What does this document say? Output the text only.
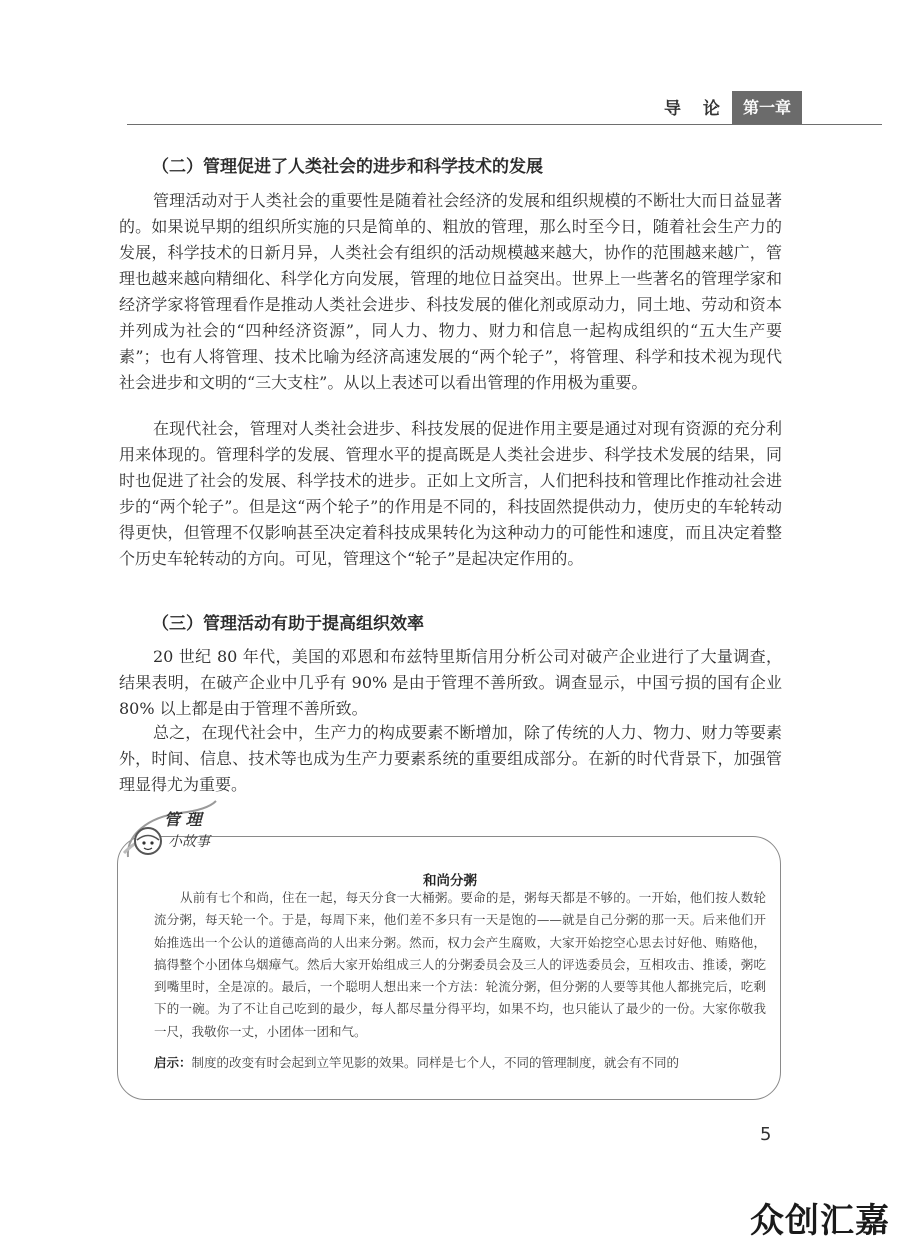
导 论 第一章
（二）管理促进了人类社会的进步和科学技术的发展

管理活动对于人类社会的重要性是随着社会经济的发展和组织规模的不断壮大而日益显著的。如果说早期的组织所实施的只是简单的、粗放的管理，那么时至今日，随着社会生产力的发展，科学技术的日新月异，人类社会有组织的活动规模越来越大，协作的范围越来越广，管理也越来越向精细化、科学化方向发展，管理的地位日益突出。世界上一些著名的管理学家和经济学家将管理看作是推动人类社会进步、科技发展的催化剂或原动力，同土地、劳动和资本并列成为社会的“四种经济资源”，同人力、物力、财力和信息一起构成组织的“五大生产要素”；也有人将管理、技术比喻为经济高速发展的“两个轮子”，将管理、科学和技术视为现代社会进步和文明的“三大支柱”。从以上表述可以看出管理的作用极为重要。

在现代社会，管理对人类社会进步、科技发展的促进作用主要是通过对现有资源的充分利用来体现的。管理科学的发展、管理水平的提高既是人类社会进步、科学技术发展的结果，同时也促进了社会的发展、科学技术的进步。正如上文所言，人们把科技和管理比作推动社会进步的“两个轮子”。但是这“两个轮子”的作用是不同的，科技固然提供动力，使历史的车轮转动得更快，但管理不仅影响甚至决定着科技成果转化为这种动力的可能性和速度，而且决定着整个历史车轮转动的方向。可见，管理这个“轮子”是起决定作用的。

（三）管理活动有助于提高组织效率

20 世纪 80 年代，美国的邓恩和布兹特里斯信用分析公司对破产企业进行了大量调查，结果表明，在破产企业中几乎有 90% 是由于管理不善所致。调查显示，中国亏损的国有企业 80% 以上都是由于管理不善所致。

总之，在现代社会中，生产力的构成要素不断增加，除了传统的人力、物力、财力等要素外，时间、信息、技术等也成为生产力要素系统的重要组成部分。在新的时代背景下，加强管理显得尤为重要。

管 理
小故事
和尚分粥

从前有七个和尚，住在一起，每天分食一大桶粥。要命的是，粥每天都是不够的。一开始，他们按人数轮流分粥，每天轮一个。于是，每周下来，他们差不多只有一天是饱的——就是自己分粥的那一天。后来他们开始推选出一个公认的道德高尚的人出来分粥。然而，权力会产生腐败，大家开始挖空心思去讨好他、贿赂他，搞得整个小团体乌烟瘴气。然后大家开始组成三人的分粥委员会及三人的评选委员会，互相攻击、推诿，粥吃到嘴里时，全是凉的。最后，一个聪明人想出来一个方法：轮流分粥，但分粥的人要等其他人都挑完后，吃剩下的一碗。为了不让自己吃到的最少，每人都尽量分得平均，如果不均，也只能认了最少的一份。大家你敬我一尺，我敬你一丈，小团体一团和气。

启示：制度的改变有时会起到立竿见影的效果。同样是七个人，不同的管理制度，就会有不同的
5
众创汇嘉
